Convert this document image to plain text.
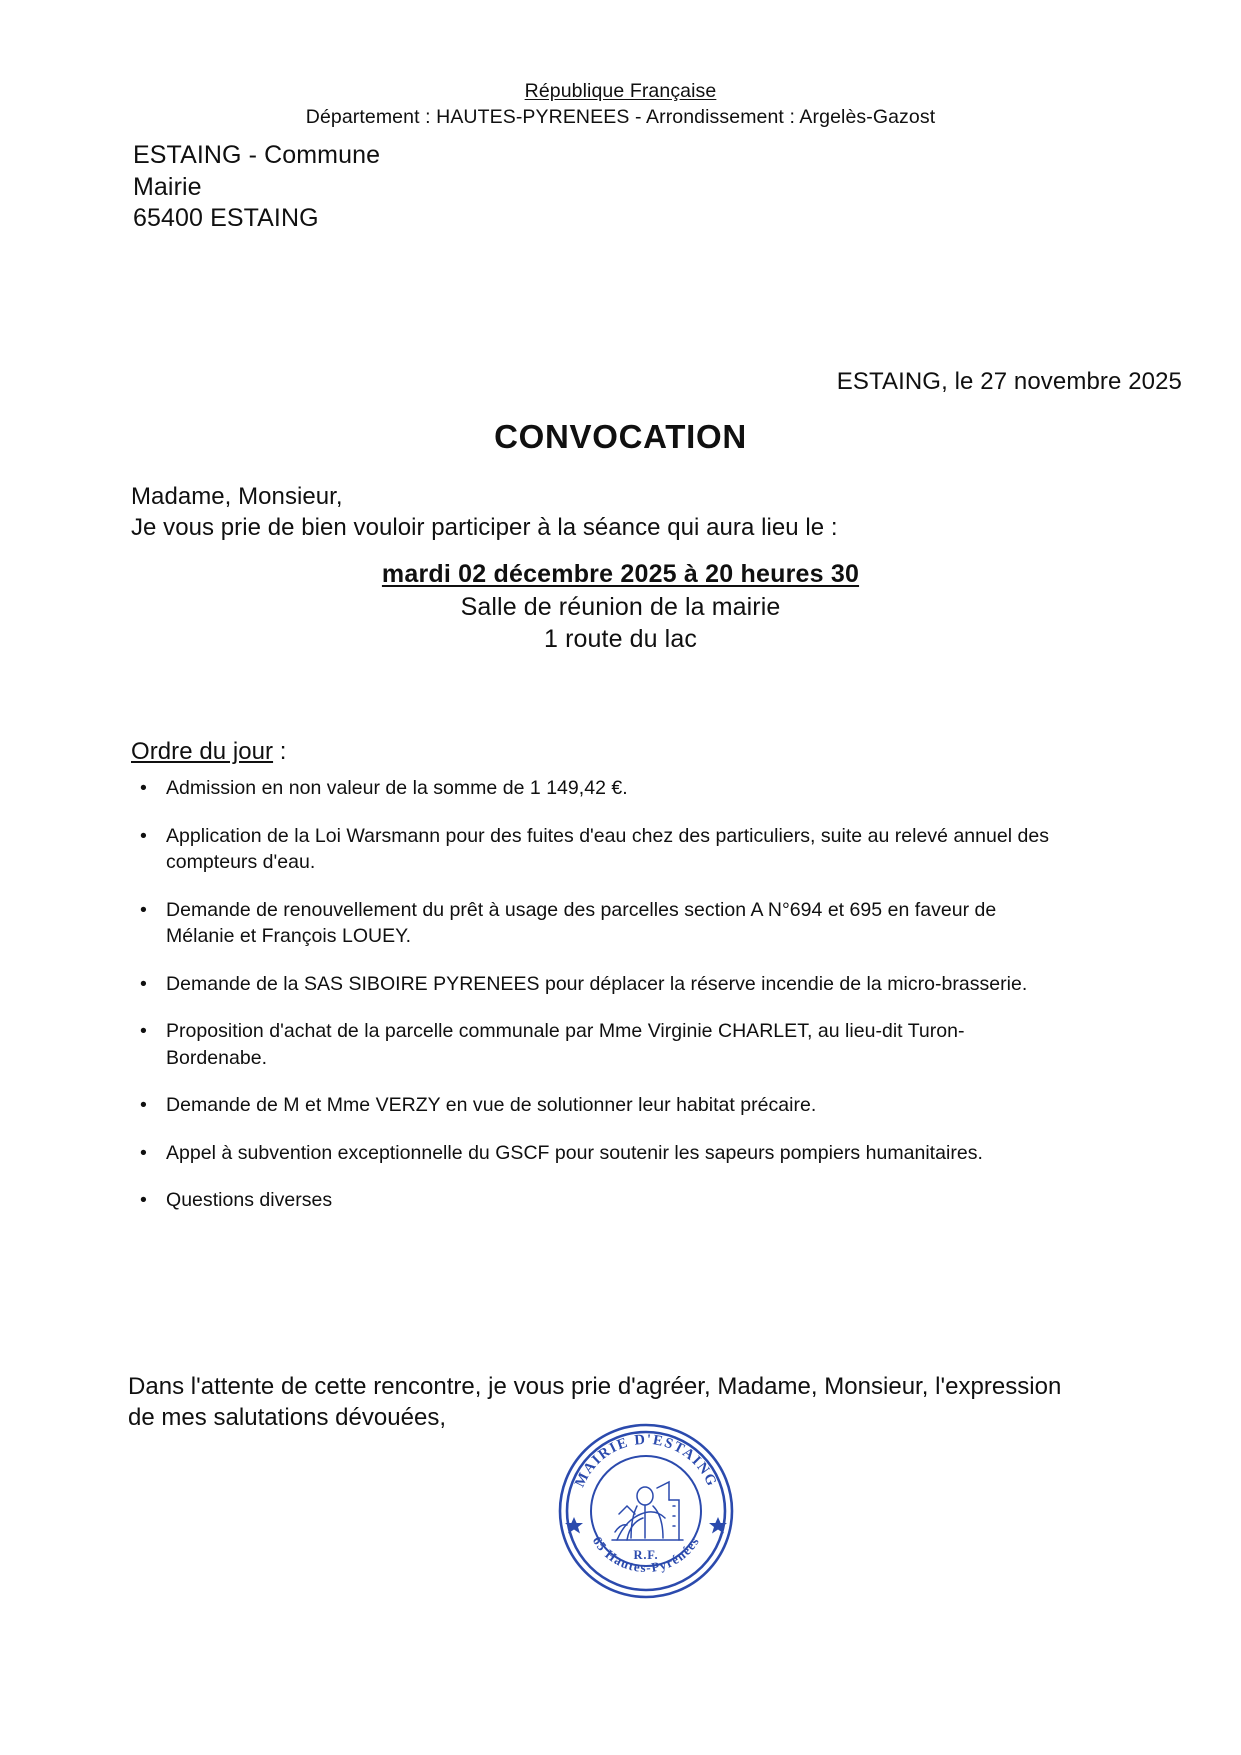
République Française
Département : HAUTES-PYRENEES - Arrondissement : Argelès-Gazost
ESTAING - Commune
Mairie
65400 ESTAING
ESTAING, le 27 novembre 2025
CONVOCATION
Madame, Monsieur,
Je vous prie de bien vouloir participer à la séance qui aura lieu le :
mardi 02 décembre 2025 à 20 heures 30
Salle de réunion de la mairie
1 route du lac
Ordre du jour :
• Admission en non valeur de la somme de 1 149,42 €.
• Application de la Loi Warsmann pour des fuites d'eau chez des particuliers, suite au relevé annuel des compteurs d'eau.
• Demande de renouvellement du prêt à usage des parcelles section A N°694 et 695 en faveur de Mélanie et François LOUEY.
• Demande de la SAS SIBOIRE PYRENEES pour déplacer la réserve incendie de la micro-brasserie.
• Proposition d'achat de la parcelle communale par Mme Virginie CHARLET, au lieu-dit Turon-Bordenabe.
• Demande de M et Mme VERZY en vue de solutionner leur habitat précaire.
• Appel à subvention exceptionnelle du GSCF pour soutenir les sapeurs pompiers humanitaires.
• Questions diverses
Dans l'attente de cette rencontre, je vous prie d'agréer, Madame, Monsieur, l'expression de mes salutations dévouées,
MAIRIE D'ESTAING
65 Hautes-Pyrénées
R.F.
